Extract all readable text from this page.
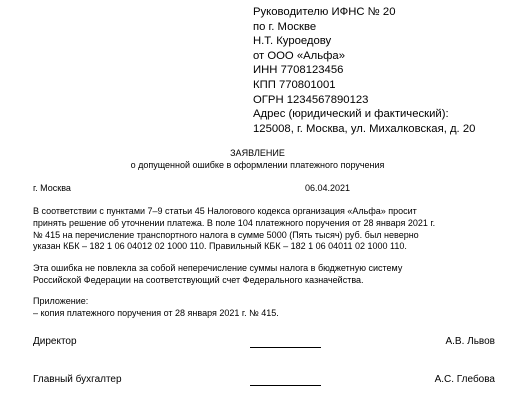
Руководителю ИФНС № 20
по г. Москве
Н.Т. Куроедову
от ООО «Альфа»
ИНН 7708123456
КПП 770801001
ОГРН 1234567890123
Адрес (юридический и фактический):
125008, г. Москва, ул. Михалковская, д. 20
ЗАЯВЛЕНИЕ
о допущенной ошибке в оформлении платежного поручения
г. Москва	06.04.2021
В соответствии с пунктами 7–9 статьи 45 Налогового кодекса организация «Альфа» просит
принять решение об уточнении платежа. В поле 104 платежного поручения от 28 января 2021 г.
№ 415 на перечисление транспортного налога в сумме 5000 (Пять тысяч) руб. был неверно
указан КБК – 182 1 06 04012 02 1000 110. Правильный КБК – 182 1 06 04011 02 1000 110.
Эта ошибка не повлекла за собой неперечисление суммы налога в бюджетную систему
Российской Федерации на соответствующий счет Федерального казначейства.
Приложение:
– копия платежного поручения от 28 января 2021 г. № 415.
Директор	А.В. Львов
Главный бухгалтер	А.С. Глебова
